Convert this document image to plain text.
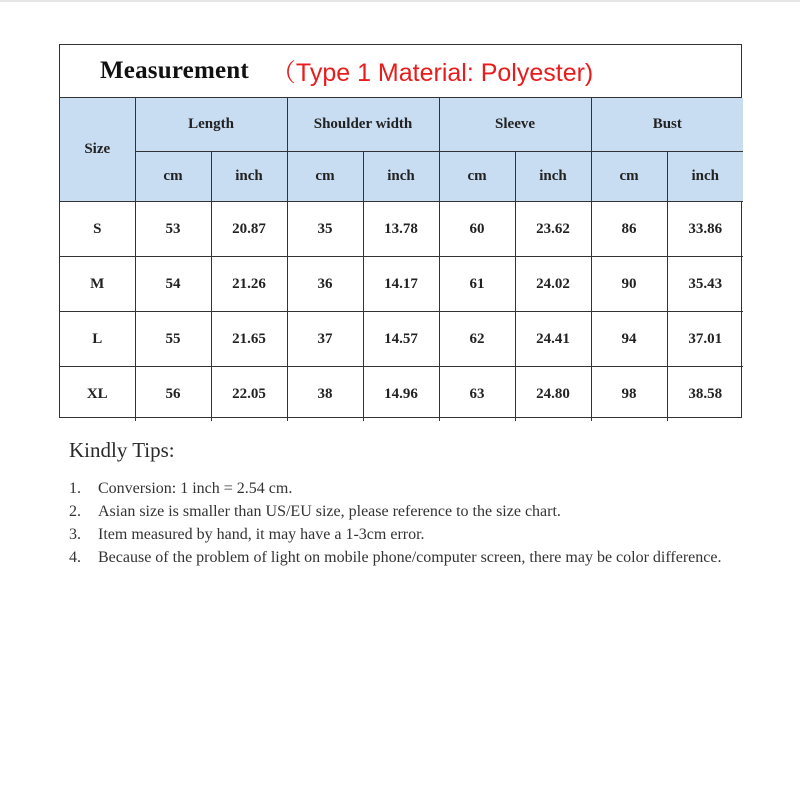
Measurement （Type 1 Material: Polyester)
Size	Length		Shoulder width		Sleeve		Bust	
	cm	inch	cm	inch	cm	inch	cm	inch
S	53	20.87	35	13.78	60	23.62	86	33.86
M	54	21.26	36	14.17	61	24.02	90	35.43
L	55	21.65	37	14.57	62	24.41	94	37.01
XL	56	22.05	38	14.96	63	24.80	98	38.58
Kindly Tips:
1.	Conversion: 1 inch = 2.54 cm.
2.	Asian size is smaller than US/EU size, please reference to the size chart.
3.	Item measured by hand, it may have a 1-3cm error.
4.	Because of the problem of light on mobile phone/computer screen, there may be color difference.
